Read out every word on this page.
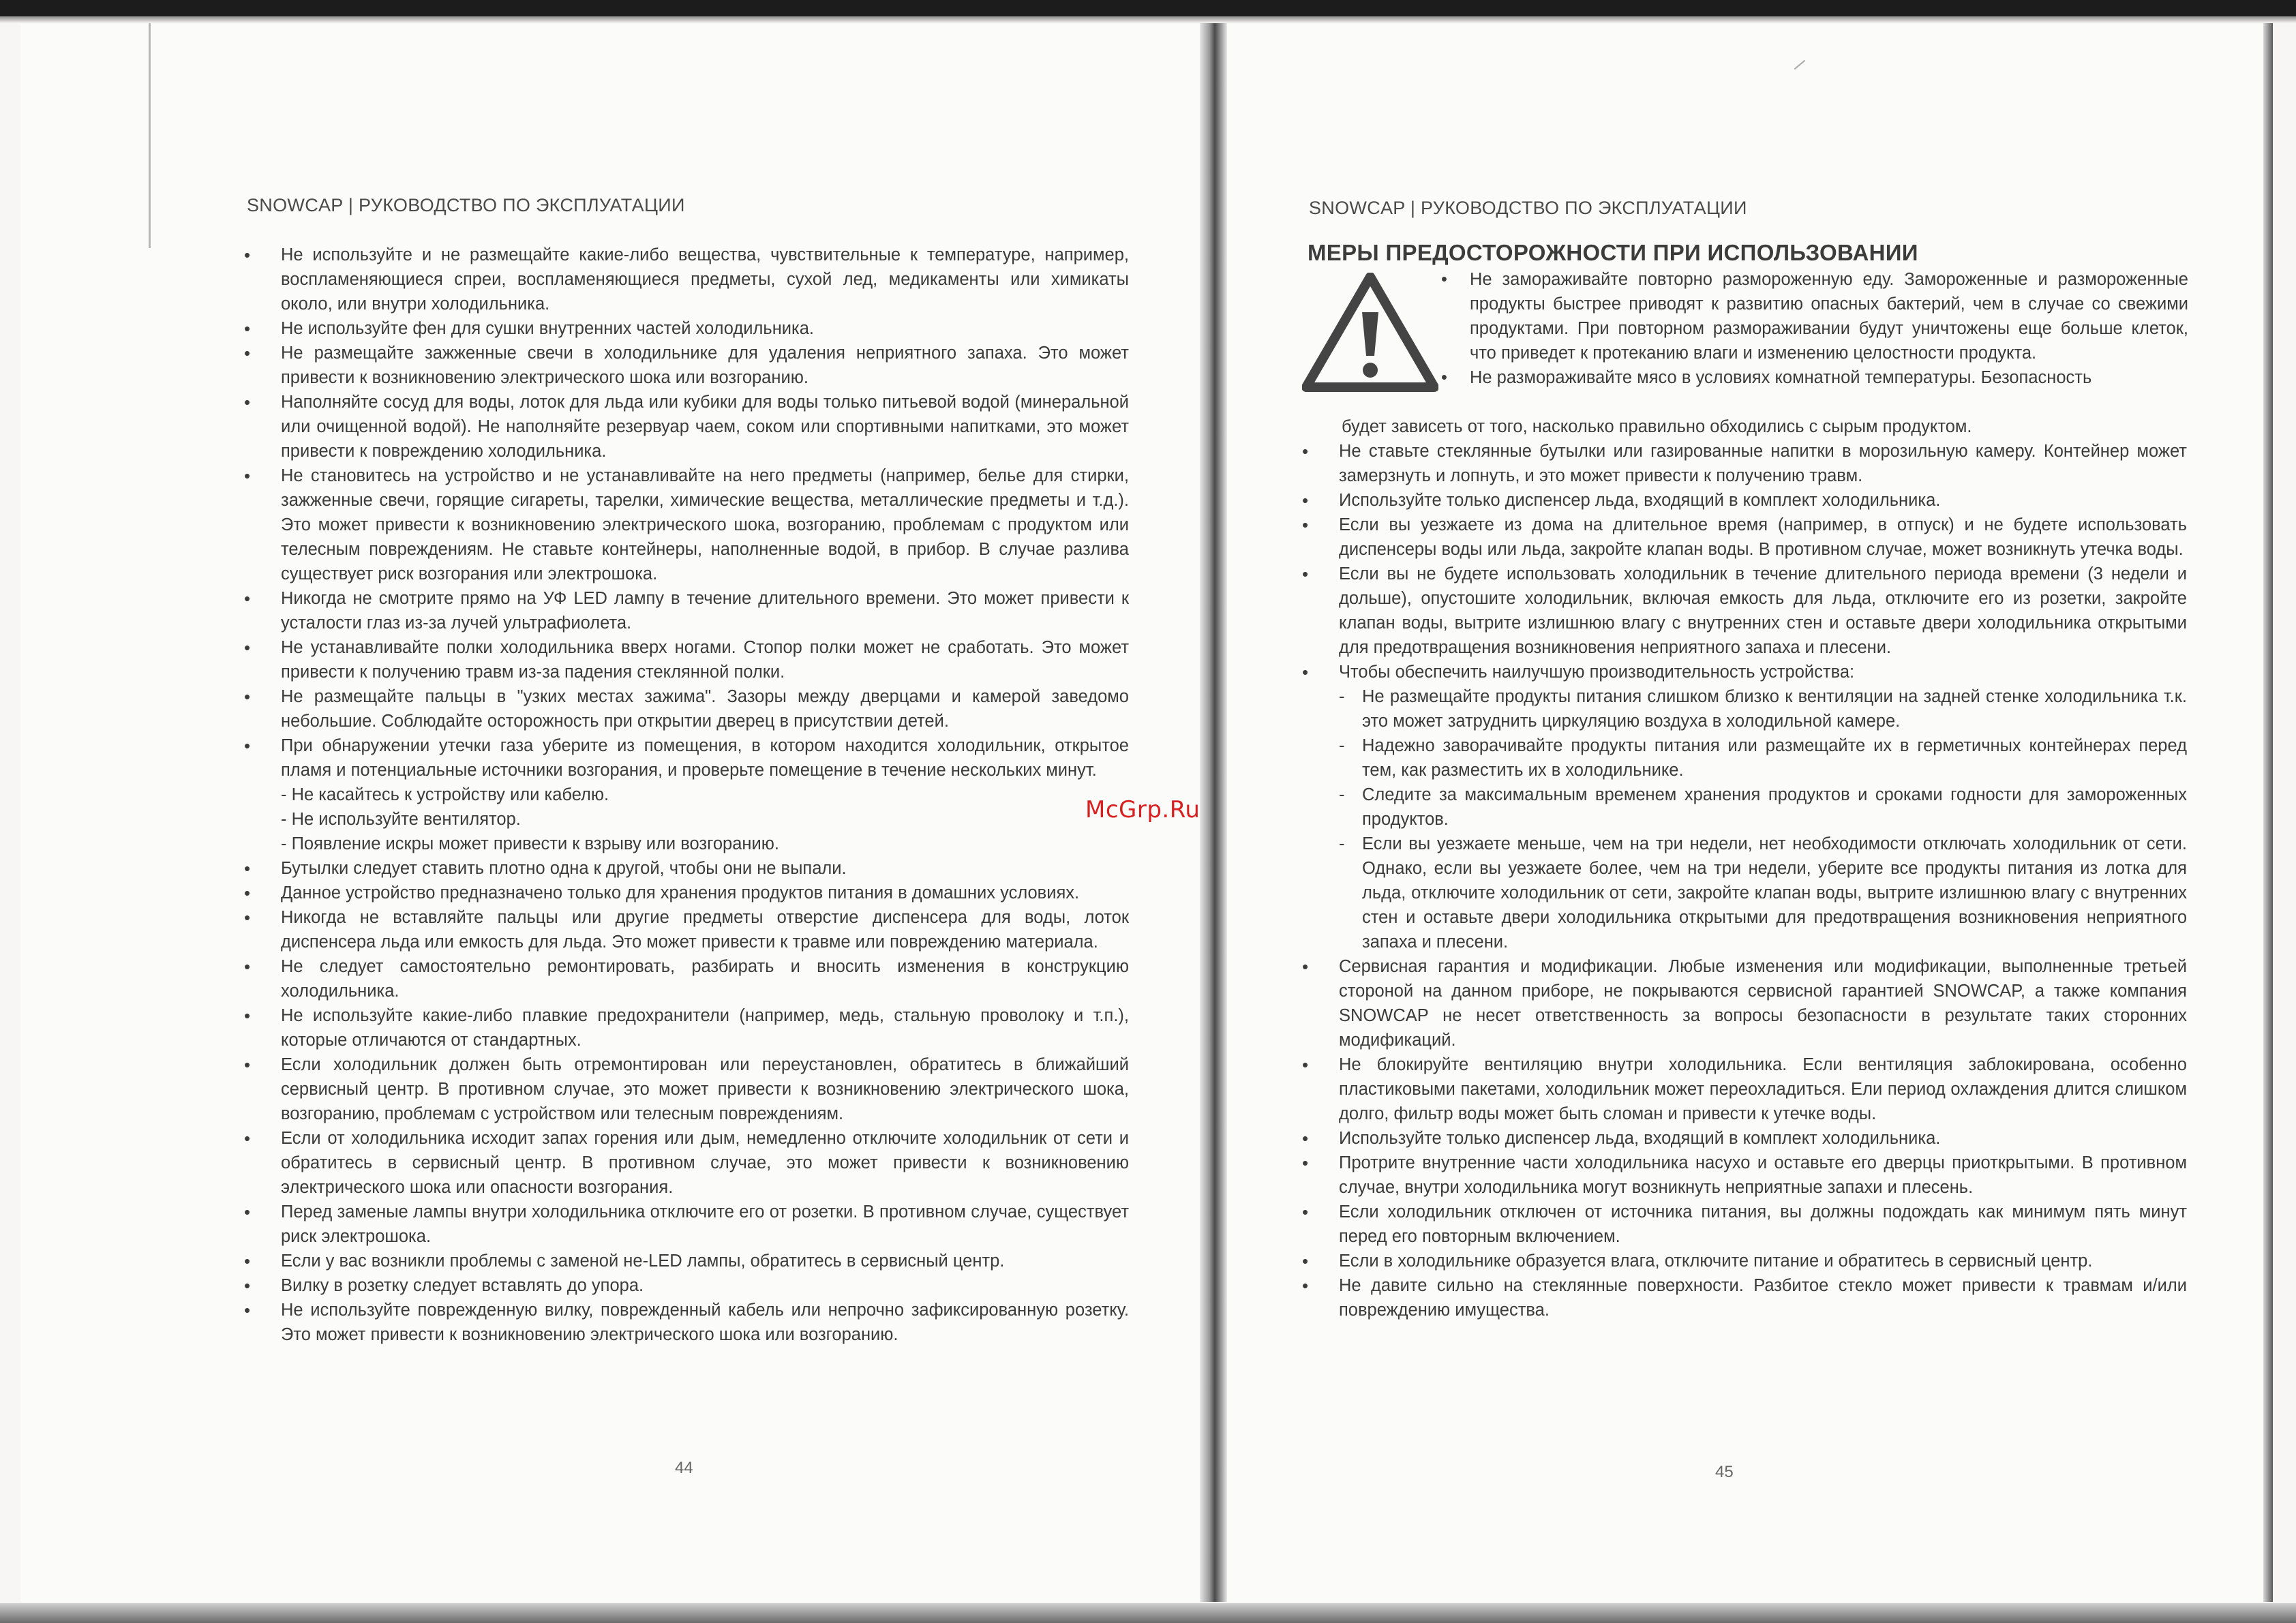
SNOWCAP | РУКОВОДСТВО ПО ЭКСПЛУАТАЦИИ
• Не используйте и не размещайте какие-либо вещества, чувствительные к температуре, например, воспламеняющиеся спреи, воспламеняющиеся предметы, сухой лед, медикаменты или химикаты около, или внутри холодильника.
• Не используйте фен для сушки внутренних частей холодильника.
• Не размещайте зажженные свечи в холодильнике для удаления неприятного запаха. Это может привести к возникновению электрического шока или возгоранию.
• Наполняйте сосуд для воды, лоток для льда или кубики для воды только питьевой водой (минеральной или очищенной водой). Не наполняйте резервуар чаем, соком или спортивными напитками, это может привести к повреждению холодильника.
• Не становитесь на устройство и не устанавливайте на него предметы (например, белье для стирки, зажженные свечи, горящие сигареты, тарелки, химические вещества, металлические предметы и т.д.). Это может привести к возникновению электрического шока, возгоранию, проблемам с продуктом или телесным повреждениям. Не ставьте контейнеры, наполненные водой, в прибор. В случае разлива существует риск возгорания или электрошока.
• Никогда не смотрите прямо на УФ LED лампу в течение длительного времени. Это может привести к усталости глаз из-за лучей ультрафиолета.
• Не устанавливайте полки холодильника вверх ногами. Стопор полки может не сработать. Это может привести к получению травм из-за падения стеклянной полки.
• Не размещайте пальцы в "узких местах зажима". Зазоры между дверцами и камерой заведомо небольшие. Соблюдайте осторожность при открытии дверец в присутствии детей.
• При обнаружении утечки газа уберите из помещения, в котором находится холодильник, открытое пламя и потенциальные источники возгорания, и проверьте помещение в течение нескольких минут.
- Не касайтесь к устройству или кабелю.
- Не используйте вентилятор.
- Появление искры может привести к взрыву или возгоранию.
• Бутылки следует ставить плотно одна к другой, чтобы они не выпали.
• Данное устройство предназначено только для хранения продуктов питания в домашних условиях.
• Никогда не вставляйте пальцы или другие предметы отверстие диспенсера для воды, лоток диспенсера льда или емкость для льда. Это может привести к травме или повреждению материала.
• Не следует самостоятельно ремонтировать, разбирать и вносить изменения в конструкцию холодильника.
• Не используйте какие-либо плавкие предохранители (например, медь, стальную проволоку и т.п.), которые отличаются от стандартных.
• Если холодильник должен быть отремонтирован или переустановлен, обратитесь в ближайший сервисный центр. В противном случае, это может привести к возникновению электрического шока, возгоранию, проблемам с устройством или телесным повреждениям.
• Если от холодильника исходит запах горения или дым, немедленно отключите холодильник от сети и обратитесь в сервисный центр. В противном случае, это может привести к возникновению электрического шока или опасности возгорания.
• Перед заменые лампы внутри холодильника отключите его от розетки. В противном случае, существует риск электрошока.
• Если у вас возникли проблемы с заменой не-LED лампы, обратитесь в сервисный центр.
• Вилку в розетку следует вставлять до упора.
• Не используйте поврежденную вилку, поврежденный кабель или непрочно зафиксированную розетку. Это может привести к возникновению электрического шока или возгоранию.
44
SNOWCAP | РУКОВОДСТВО ПО ЭКСПЛУАТАЦИИ
МЕРЫ ПРЕДОСТОРОЖНОСТИ ПРИ ИСПОЛЬЗОВАНИИ
• Не замораживайте повторно размороженную еду. Замороженные и размороженные продукты быстрее приводят к развитию опасных бактерий, чем в случае со свежими продуктами. При повторном размораживании будут уничтожены еще больше клеток, что приведет к протеканию влаги и изменению целостности продукта.
• Не размораживайте мясо в условиях комнатной температуры. Безопасность
будет зависеть от того, насколько правильно обходились с сырым продуктом.
• Не ставьте стеклянные бутылки или газированные напитки в морозильную камеру. Контейнер может замерзнуть и лопнуть, и это может привести к получению травм.
• Используйте только диспенсер льда, входящий в комплект холодильника.
• Если вы уезжаете из дома на длительное время (например, в отпуск) и не будете использовать диспенсеры воды или льда, закройте клапан воды. В противном случае, может возникнуть утечка воды.
• Если вы не будете использовать холодильник в течение длительного периода времени (3 недели и дольше), опустошите холодильник, включая емкость для льда, отключите его из розетки, закройте клапан воды, вытрите излишнюю влагу с внутренних стен и оставьте двери холодильника открытыми для предотвращения возникновения неприятного запаха и плесени.
• Чтобы обеспечить наилучшую производительность устройства:
- Не размещайте продукты питания слишком близко к вентиляции на задней стенке холодильника т.к. это может затруднить циркуляцию воздуха в холодильной камере.
- Надежно заворачивайте продукты питания или размещайте их в герметичных контейнерах перед тем, как разместить их в холодильнике.
- Следите за максимальным временем хранения продуктов и сроками годности для замороженных продуктов.
- Если вы уезжаете меньше, чем на три недели, нет необходимости отключать холодильник от сети. Однако, если вы уезжаете более, чем на три недели, уберите все продукты питания из лотка для льда, отключите холодильник от сети, закройте клапан воды, вытрите излишнюю влагу с внутренних стен и оставьте двери холодильника открытыми для предотвращения возникновения неприятного запаха и плесени.
• Сервисная гарантия и модификации. Любые изменения или модификации, выполненные третьей стороной на данном приборе, не покрываются сервисной гарантией SNOWCAP, а также компания SNOWCAP не несет ответственность за вопросы безопасности в результате таких сторонних модификаций.
• Не блокируйте вентиляцию внутри холодильника. Если вентиляция заблокирована, особенно пластиковыми пакетами, холодильник может переохладиться. Ели период охлаждения длится слишком долго, фильтр воды может быть сломан и привести к утечке воды.
• Используйте только диспенсер льда, входящий в комплект холодильника.
• Протрите внутренние части холодильника насухо и оставьте его дверцы приоткрытыми. В противном случае, внутри холодильника могут возникнуть неприятные запахи и плесень.
• Если холодильник отключен от источника питания, вы должны подождать как минимум пять минут перед его повторным включением.
• Если в холодильнике образуется влага, отключите питание и обратитесь в сервисный центр.
• Не давите сильно на стеклянные поверхности. Разбитое стекло может привести к травмам и/или повреждению имущества.
45
McGrp.Ru
